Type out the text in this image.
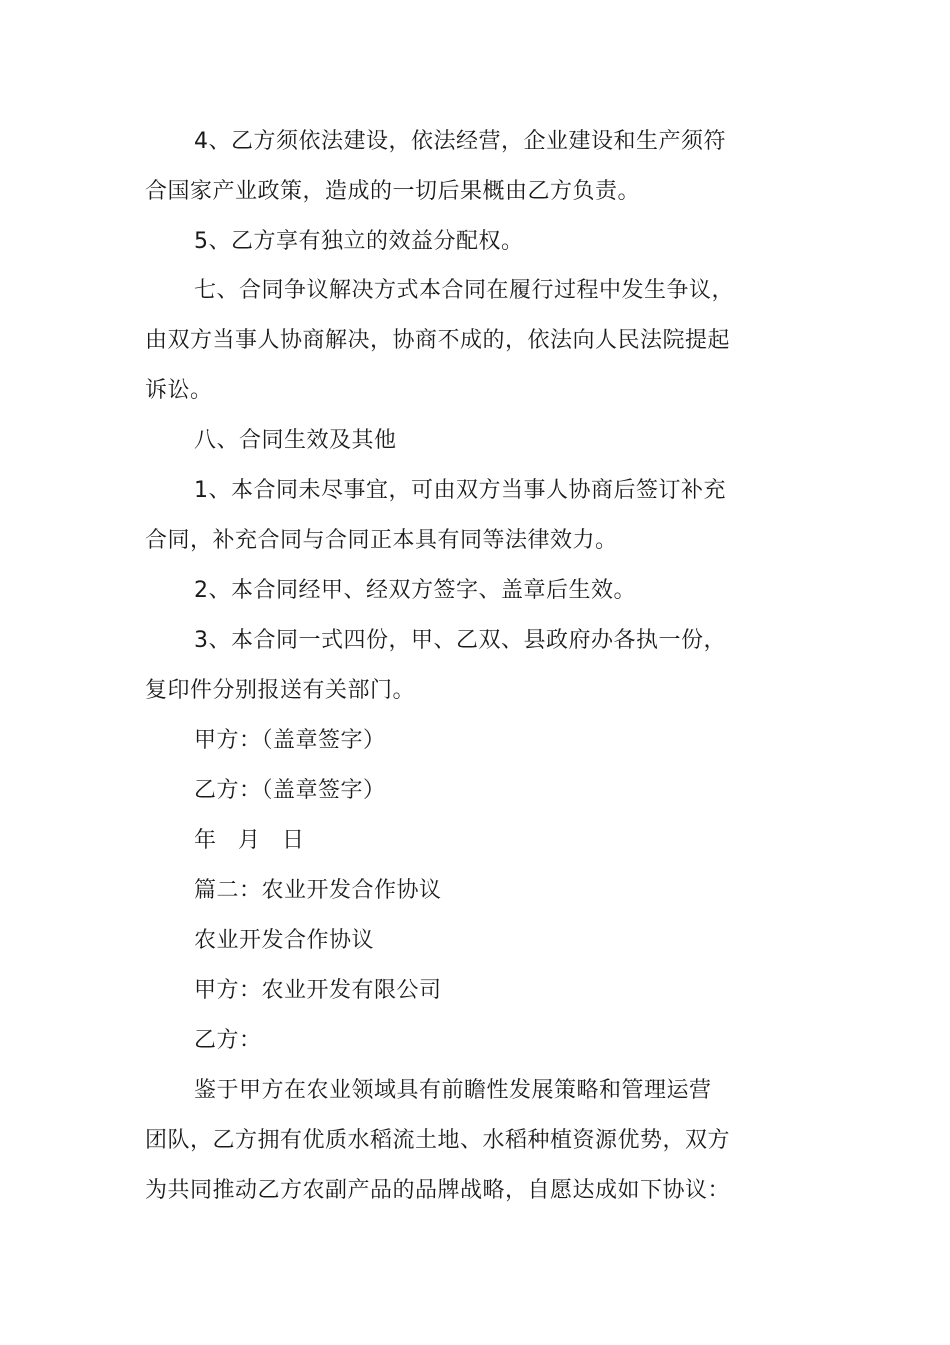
4、乙方须依法建设，依法经营，企业建设和生产须符
合国家产业政策，造成的一切后果概由乙方负责。
5、乙方享有独立的效益分配权。
七、合同争议解决方式本合同在履行过程中发生争议，
由双方当事人协商解决，协商不成的，依法向人民法院提起
诉讼。
八、合同生效及其他
1、本合同未尽事宜，可由双方当事人协商后签订补充
合同，补充合同与合同正本具有同等法律效力。
2、本合同经甲、经双方签字、盖章后生效。
3、本合同一式四份，甲、乙双、县政府办各执一份，
复印件分别报送有关部门。
甲方：（盖章签字）
乙方：（盖章签字）
年 月 日
篇二：农业开发合作协议
农业开发合作协议
甲方：农业开发有限公司
乙方：
鉴于甲方在农业领域具有前瞻性发展策略和管理运营
团队，乙方拥有优质水稻流土地、水稻种植资源优势，双方
为共同推动乙方农副产品的品牌战略，自愿达成如下协议：
